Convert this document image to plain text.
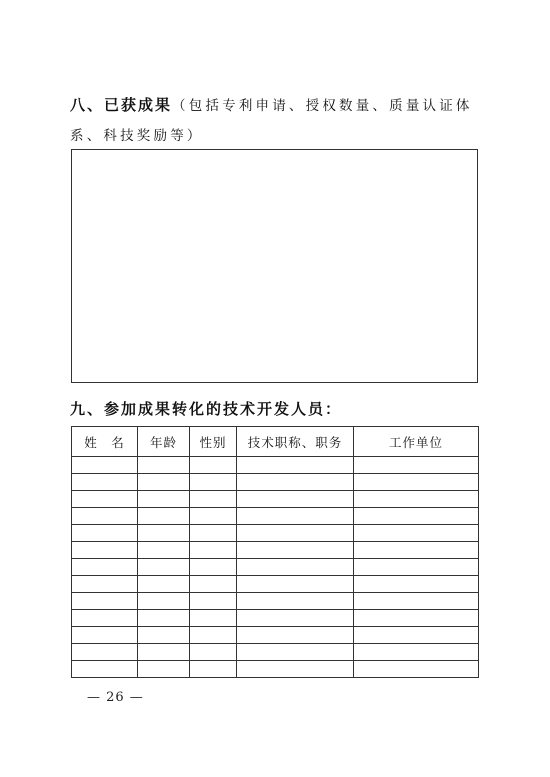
八、已获成果（包括专利申请、授权数量、质量认证体系、科技奖励等）
九、参加成果转化的技术开发人员：
姓　名	年龄	性别	技术职称、职务	工作单位

— 26 —
